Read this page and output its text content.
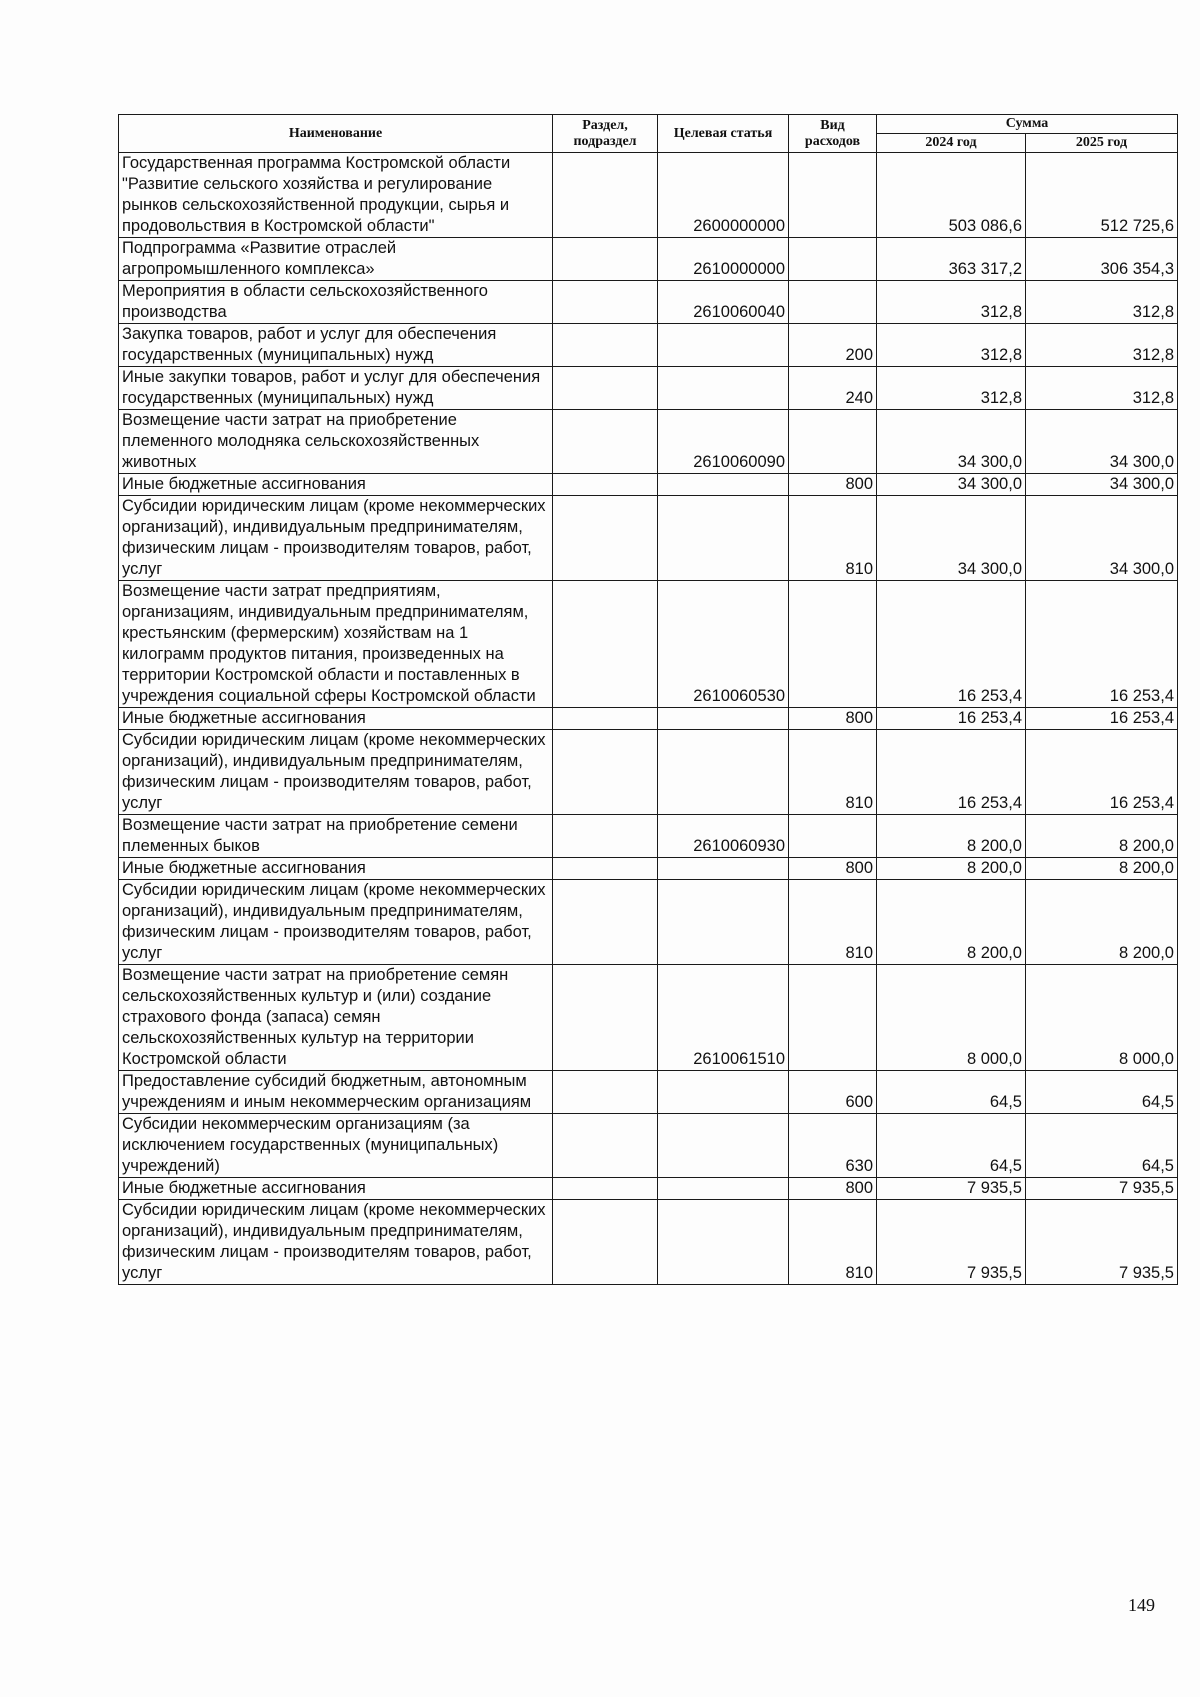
Наименование	Раздел, подраздел	Целевая статья	Вид расходов	Сумма	
				2024 год	2025 год
Государственная программа Костромской области "Развитие сельского хозяйства и регулирование рынков сельскохозяйственной продукции, сырья и продовольствия в Костромской области"		2600000000		503 086,6	512 725,6
Подпрограмма «Развитие отраслей агропромышленного комплекса»		2610000000		363 317,2	306 354,3
Мероприятия в области сельскохозяйственного производства		2610060040		312,8	312,8
Закупка товаров, работ и услуг для обеспечения государственных (муниципальных) нужд			200	312,8	312,8
Иные закупки товаров, работ и услуг для обеспечения государственных (муниципальных) нужд			240	312,8	312,8
Возмещение части затрат на приобретение племенного молодняка сельскохозяйственных животных		2610060090		34 300,0	34 300,0
Иные бюджетные ассигнования			800	34 300,0	34 300,0
Субсидии юридическим лицам (кроме некоммерческих организаций), индивидуальным предпринимателям, физическим лицам - производителям товаров, работ, услуг			810	34 300,0	34 300,0
Возмещение части затрат предприятиям, организациям, индивидуальным предпринимателям, крестьянским (фермерским) хозяйствам на 1 килограмм продуктов питания, произведенных на территории Костромской области и поставленных в учреждения социальной сферы Костромской области		2610060530		16 253,4	16 253,4
Иные бюджетные ассигнования			800	16 253,4	16 253,4
Субсидии юридическим лицам (кроме некоммерческих организаций), индивидуальным предпринимателям, физическим лицам - производителям товаров, работ, услуг			810	16 253,4	16 253,4
Возмещение части затрат на приобретение семени племенных быков		2610060930		8 200,0	8 200,0
Иные бюджетные ассигнования			800	8 200,0	8 200,0
Субсидии юридическим лицам (кроме некоммерческих организаций), индивидуальным предпринимателям, физическим лицам - производителям товаров, работ, услуг			810	8 200,0	8 200,0
Возмещение части затрат на приобретение семян сельскохозяйственных культур и (или) создание страхового фонда (запаса) семян сельскохозяйственных культур на территории Костромской области		2610061510		8 000,0	8 000,0
Предоставление субсидий бюджетным, автономным учреждениям и иным некоммерческим организациям			600	64,5	64,5
Субсидии некоммерческим организациям (за исключением государственных (муниципальных) учреждений)			630	64,5	64,5
Иные бюджетные ассигнования			800	7 935,5	7 935,5
Субсидии юридическим лицам (кроме некоммерческих организаций), индивидуальным предпринимателям, физическим лицам - производителям товаров, работ, услуг			810	7 935,5	7 935,5
149
